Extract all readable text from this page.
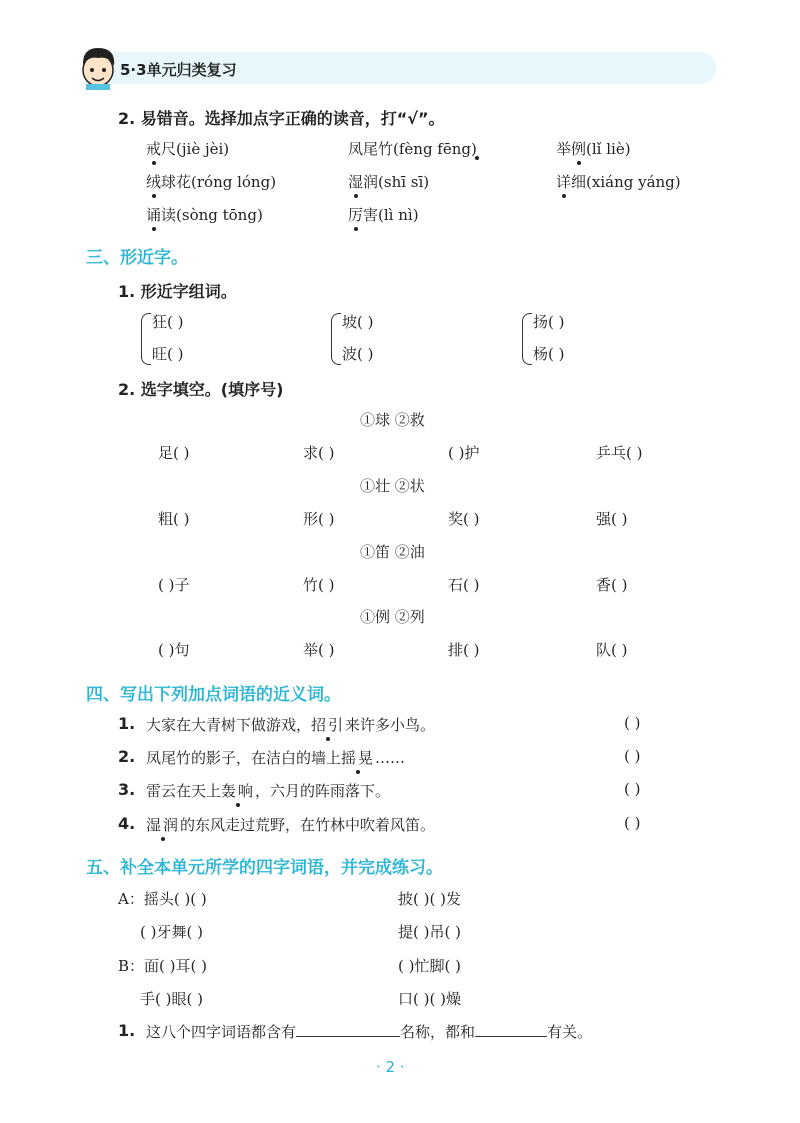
5·3单元归类复习
2. 易错音。选择加点字正确的读音，打“√”。
戒尺(jiè jèi)	凤尾竹(fèng fēng)	举例(lǐ liè)
绒球花(róng lóng)	湿润(shī sī)	详细(xiáng yáng)
诵读(sòng tōng)	厉害(lì nì)
三、形近字。
1. 形近字组词。
狂( )
旺( )
坡( )
波( )
扬( )
杨( )
2. 选字填空。(填序号)
①球 ②救
足( )	求( )	( )护	乒乓( )
①壮 ②状
粗( )	形( )	奖( )	强( )
①笛 ②油
( )子	竹( )	石( )	香( )
①例 ②列
( )句	举( )	排( )	队( )
四、写出下列加点词语的近义词。
1. 大家在大青树下做游戏，招引来许多小鸟。	( )
2. 凤尾竹的影子，在洁白的墙上摇晃……	( )
3. 雷云在天上轰响，六月的阵雨落下。	( )
4. 湿润的东风走过荒野，在竹林中吹着风笛。	( )
五、补全本单元所学的四字词语，并完成练习。
A：摇头( )( )	披( )( )发
( )牙舞( )	提( )吊( )
B：面( )耳( )	( )忙脚( )
手( )眼( )	口( )( )燥
1. 这八个四字词语都含有	名称，都和	有关。
· 2 ·
